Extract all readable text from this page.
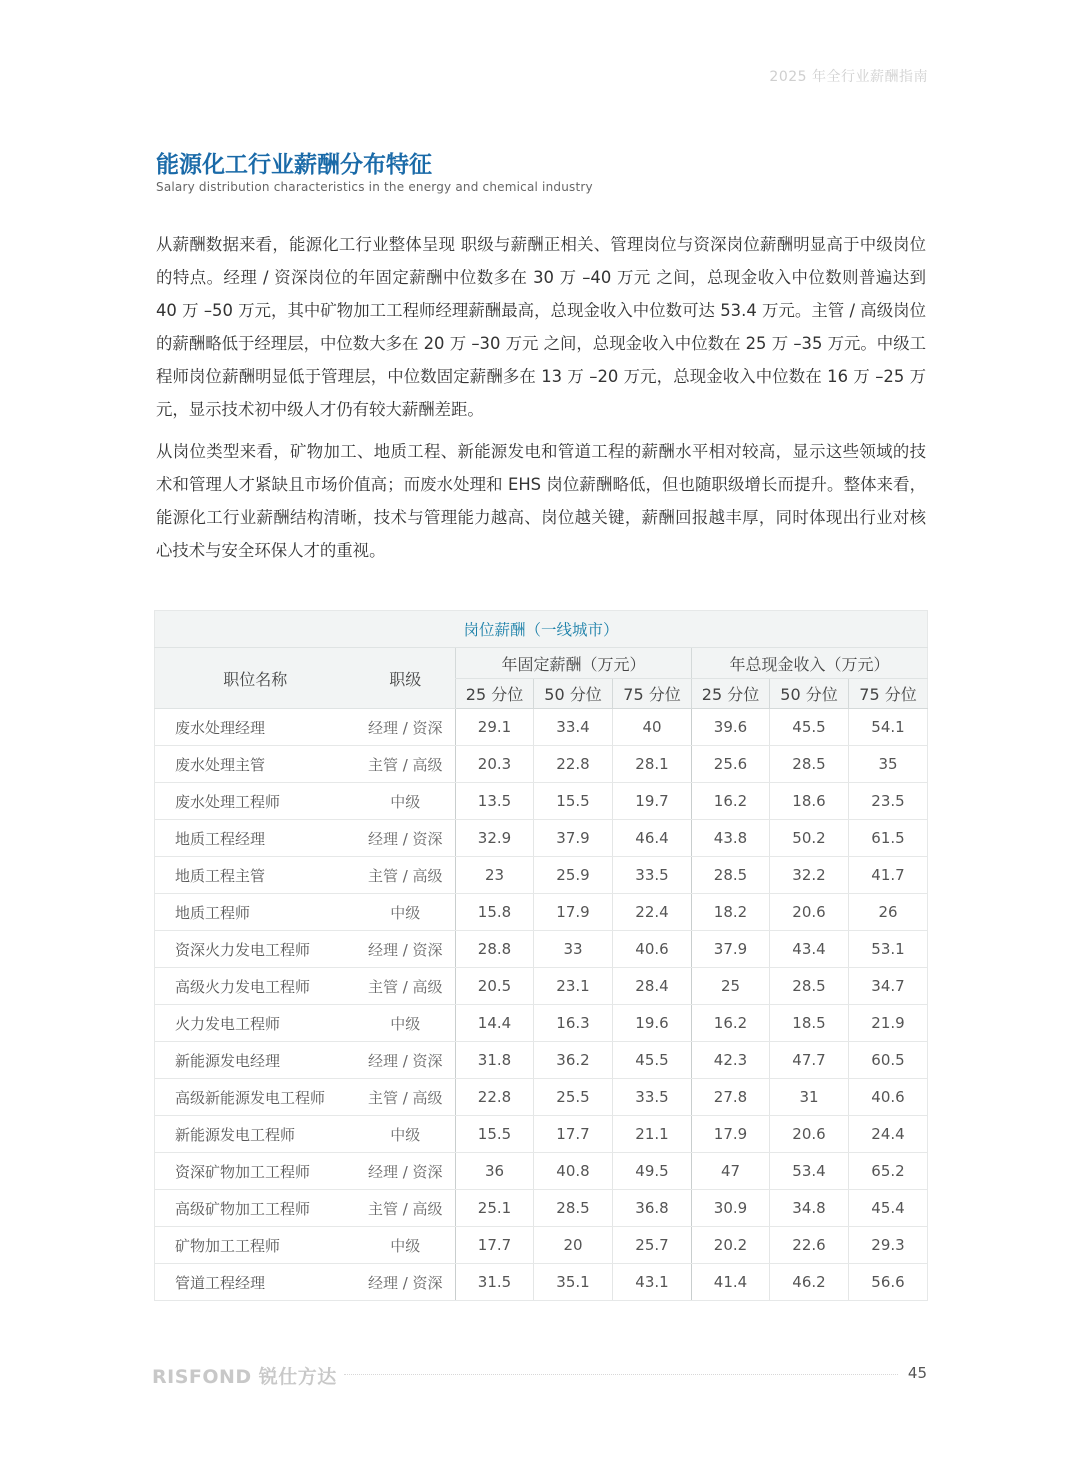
2025 年全行业薪酬指南
能源化工行业薪酬分布特征

Salary distribution characteristics in the energy and chemical industry

从薪酬数据来看，能源化工行业整体呈现 职级与薪酬正相关、管理岗位与资深岗位薪酬明显高于中级岗位 的特点。经理 / 资深岗位的年固定薪酬中位数多在 30 万 –40 万元 之间，总现金收入中位数则普遍达到 40 万 –50 万元，其中矿物加工工程师经理薪酬最高，总现金收入中位数可达 53.4 万元。主管 / 高级岗位的薪酬略低于经理层，中位数大多在 20 万 –30 万元 之间，总现金收入中位数在 25 万 –35 万元。中级工程师岗位薪酬明显低于管理层，中位数固定薪酬多在 13 万 –20 万元，总现金收入中位数在 16 万 –25 万元，显示技术初中级人才仍有较大薪酬差距。

从岗位类型来看，矿物加工、地质工程、新能源发电和管道工程的薪酬水平相对较高，显示这些领域的技术和管理人才紧缺且市场价值高；而废水处理和 EHS 岗位薪酬略低，但也随职级增长而提升。整体来看，能源化工行业薪酬结构清晰，技术与管理能力越高、岗位越关键，薪酬回报越丰厚，同时体现出行业对核心技术与安全环保人才的重视。

岗位薪酬（一线城市）							
职位名称	职级	年固定薪酬（万元）			年总现金收入（万元）		
		25 分位	50 分位	75 分位	25 分位	50 分位	75 分位
废水处理经理	经理 / 资深	29.1	33.4	40	39.6	45.5	54.1
废水处理主管	主管 / 高级	20.3	22.8	28.1	25.6	28.5	35
废水处理工程师	中级	13.5	15.5	19.7	16.2	18.6	23.5
地质工程经理	经理 / 资深	32.9	37.9	46.4	43.8	50.2	61.5
地质工程主管	主管 / 高级	23	25.9	33.5	28.5	32.2	41.7
地质工程师	中级	15.8	17.9	22.4	18.2	20.6	26
资深火力发电工程师	经理 / 资深	28.8	33	40.6	37.9	43.4	53.1
高级火力发电工程师	主管 / 高级	20.5	23.1	28.4	25	28.5	34.7
火力发电工程师	中级	14.4	16.3	19.6	16.2	18.5	21.9
新能源发电经理	经理 / 资深	31.8	36.2	45.5	42.3	47.7	60.5
高级新能源发电工程师	主管 / 高级	22.8	25.5	33.5	27.8	31	40.6
新能源发电工程师	中级	15.5	17.7	21.1	17.9	20.6	24.4
资深矿物加工工程师	经理 / 资深	36	40.8	49.5	47	53.4	65.2
高级矿物加工工程师	主管 / 高级	25.1	28.5	36.8	30.9	34.8	45.4
矿物加工工程师	中级	17.7	20	25.7	20.2	22.6	29.3
管道工程经理	经理 / 资深	31.5	35.1	43.1	41.4	46.2	56.6
RISFOND 锐仕方达	45
